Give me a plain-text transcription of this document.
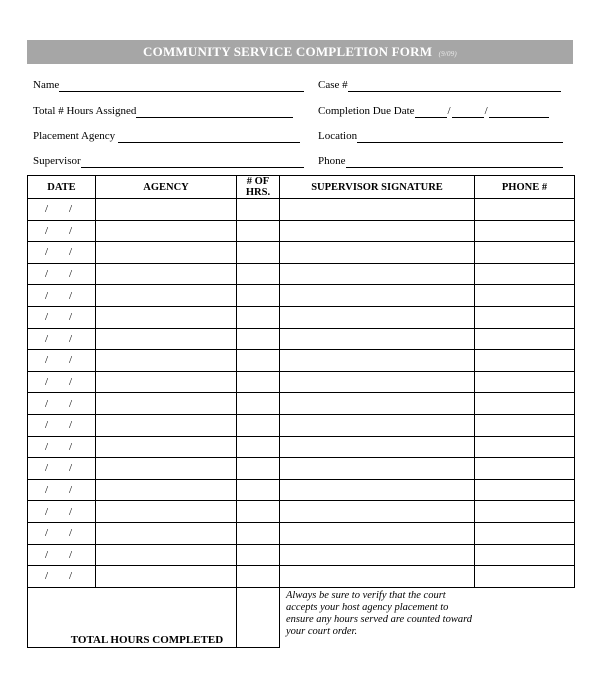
COMMUNITY SERVICE COMPLETION FORM (9/09)
Name	Case #
Total # Hours Assigned	Completion Due Date	/	/
Placement Agency	Location
Supervisor	Phone
DATE	AGENCY	# OF HRS.	SUPERVISOR SIGNATURE	PHONE #
/ /				
/ /				
/ /				
/ /				
/ /				
/ /				
/ /				
/ /				
/ /				
/ /				
/ /				
/ /				
/ /				
/ /				
/ /				
/ /				
/ /				
/ /				

TOTAL HOURS COMPLETED			Always be sure to verify that the court accepts your host agency placement to ensure any hours served are counted toward your court order.	
